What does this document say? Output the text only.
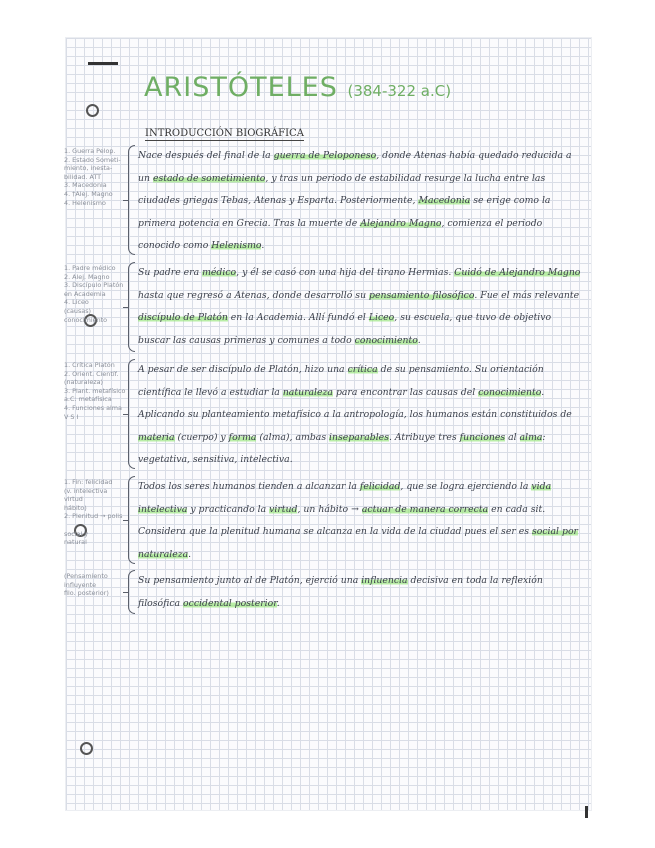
ARISTÓTELES (384-322 a.C)
INTRODUCCIÓN BIOGRÁFICA
1. Guerra Pelop.
2. Estado Someti-
miento, inesta-
bilidad. ATT
3. Macedonia
4. †Alej. Magno
4. Helenismo
Nace después del final de la guerra de Peloponeso, donde Atenas había quedado reducida a un estado de sometimiento, y tras un periodo de estabilidad resurge la lucha entre las ciudades griegas Tebas, Atenas y Esparta. Posteriormente, Macedonia se erige como la primera potencia en Grecia. Tras la muerte de Alejandro Magno, comienza el periodo conocido como Helenismo.
1. Padre médico
2. Alej. Magno
3. Discípulo Platón
en Academia
4. Liceo
(causas)
conocimiento
Su padre era médico, y él se casó con una hija del tirano Hermias. Cuidó de Alejandro Magno hasta que regresó a Atenas, donde desarrolló su pensamiento filosófico. Fue el más relevante discípulo de Platón en la Academia. Allí fundó el Liceo, su escuela, que tuvo de objetivo buscar las causas primeras y comunes a todo conocimiento.
1. Crítica Platón
2. Orient. Científ.
(naturaleza)
3. Plant. metafísico
a.C: metafísica
4. Funciones alma
V S I
A pesar de ser discípulo de Platón, hizo una crítica de su pensamiento. Su orientación científica le llevó a estudiar la naturaleza para encontrar las causas del conocimiento. Aplicando su planteamiento metafísico a la antropología, los humanos están constituidos de materia (cuerpo) y forma (alma), ambas inseparables. Atribuye tres funciones al alma: vegetativa, sensitiva, intelectiva.
1. Fin: felicidad
(v. intelectiva
virtud
hábito)
2. Plenitud → polis

social y
natural
Todos los seres humanos tienden a alcanzar la felicidad, que se logra ejerciendo la vida intelectiva y practicando la virtud, un hábito → actuar de manera correcta en cada sit. Considera que la plenitud humana se alcanza en la vida de la ciudad pues el ser es social por naturaleza.
(Pensamiento
influyente
filo. posterior)
Su pensamiento junto al de Platón, ejerció una influencia decisiva en toda la reflexión filosófica occidental posterior.
